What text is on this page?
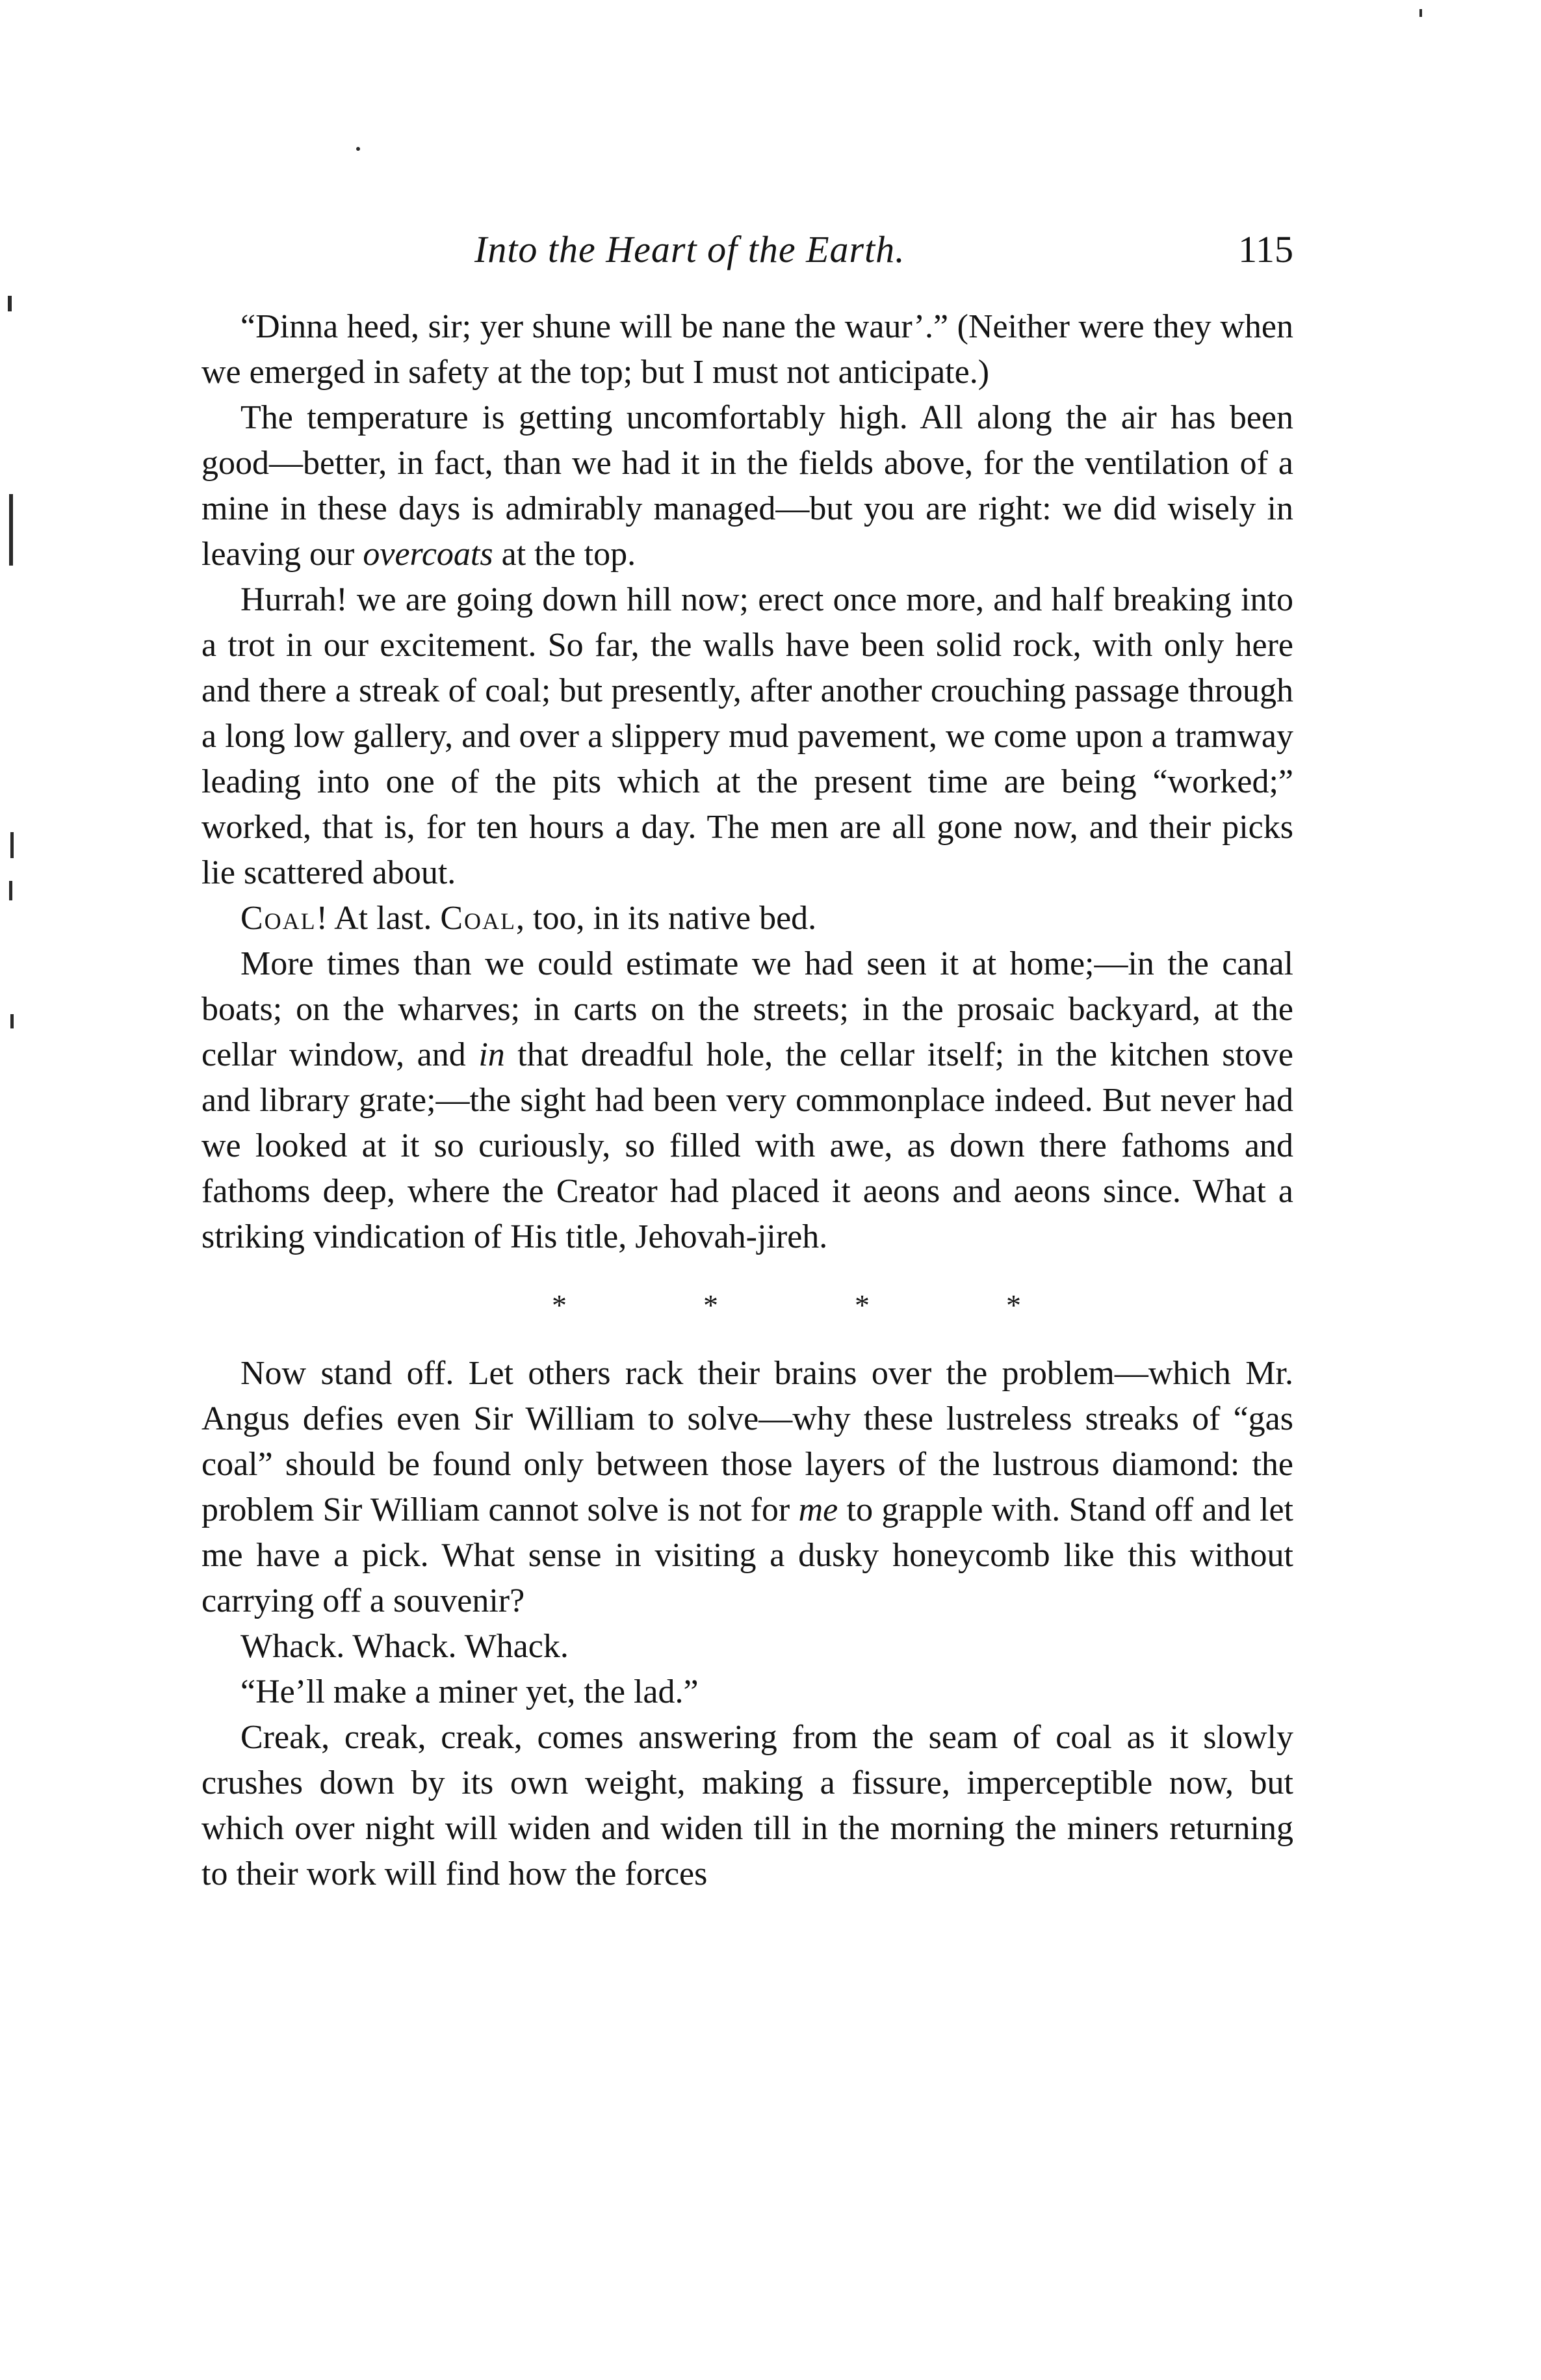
Into the Heart of the Earth.	115

“Dinna heed, sir; yer shune will be nane the waur’.” (Neither were they when we emerged in safety at the top; but I must not anticipate.)

The temperature is getting uncomfortably high. All along the air has been good—better, in fact, than we had it in the fields above, for the ventilation of a mine in these days is admirably managed—but you are right: we did wisely in leaving our overcoats at the top.

Hurrah! we are going down hill now; erect once more, and half breaking into a trot in our excitement. So far, the walls have been solid rock, with only here and there a streak of coal; but presently, after another crouching passage through a long low gallery, and over a slippery mud pavement, we come upon a tramway leading into one of the pits which at the present time are being “worked;” worked, that is, for ten hours a day. The men are all gone now, and their picks lie scattered about.

Coal! At last. Coal, too, in its native bed.

More times than we could estimate we had seen it at home;—in the canal boats; on the wharves; in carts on the streets; in the prosaic backyard, at the cellar window, and in that dreadful hole, the cellar itself; in the kitchen stove and library grate;—the sight had been very commonplace indeed. But never had we looked at it so curiously, so filled with awe, as down there fathoms and fathoms deep, where the Creator had placed it aeons and aeons since. What a striking vindication of His title, Jehovah-jireh.

*	*	*	*

Now stand off. Let others rack their brains over the problem—which Mr. Angus defies even Sir William to solve—why these lustreless streaks of “gas coal” should be found only between those layers of the lustrous diamond: the problem Sir William cannot solve is not for me to grapple with. Stand off and let me have a pick. What sense in visiting a dusky honeycomb like this without carrying off a souvenir?

Whack. Whack. Whack.

“He’ll make a miner yet, the lad.”

Creak, creak, creak, comes answering from the seam of coal as it slowly crushes down by its own weight, making a fissure, imperceptible now, but which over night will widen and widen till in the morning the miners returning to their work will find how the forces
